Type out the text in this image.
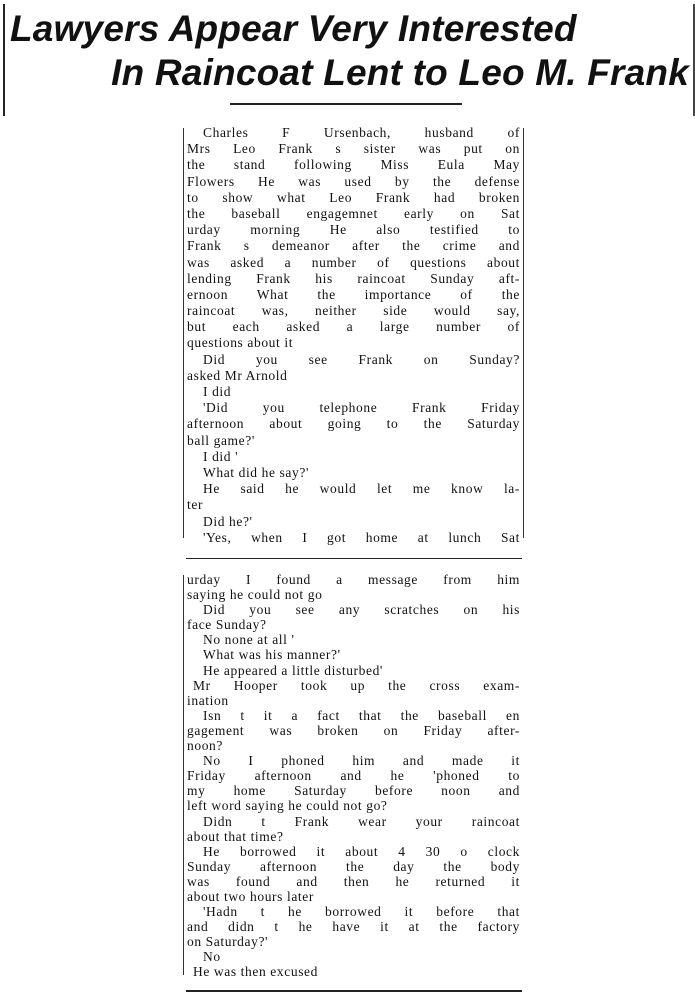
Lawyers Appear Very Interested
In Raincoat Lent to Leo M. Frank
Charles F Ursenbach, husband of
Mrs Leo Frank s sister was put on
the stand following Miss Eula May
Flowers He was used by the defense
to show what Leo Frank had broken
the baseball engagemnet early on Sat
urday morning He also testified to
Frank s demeanor after the crime and
was asked a number of questions about
lending Frank his raincoat Sunday aft-
ernoon What the importance of the
raincoat was, neither side would say,
but each asked a large number of
questions about it
Did you see Frank on Sunday?
asked Mr Arnold
I did
'Did you telephone Frank Friday
afternoon about going to the Saturday
ball game?'
I did '
What did he say?'
He said he would let me know la-
ter
Did he?'
'Yes, when I got home at lunch Sat
urday I found a message from him
saying he could not go
Did you see any scratches on his
face Sunday?
No none at all '
What was his manner?'
He appeared a little disturbed'
Mr Hooper took up the cross exam-
ination
Isn t it a fact that the baseball en
gagement was broken on Friday after-
noon?
No I phoned him and made it
Friday afternoon and he 'phoned to
my home Saturday before noon and
left word saying he could not go?
Didn t Frank wear your raincoat
about that time?
He borrowed it about 4 30 o clock
Sunday afternoon the day the body
was found and then he returned it
about two hours later
'Hadn t he borrowed it before that
and didn t he have it at the factory
on Saturday?'
No
He was then excused
